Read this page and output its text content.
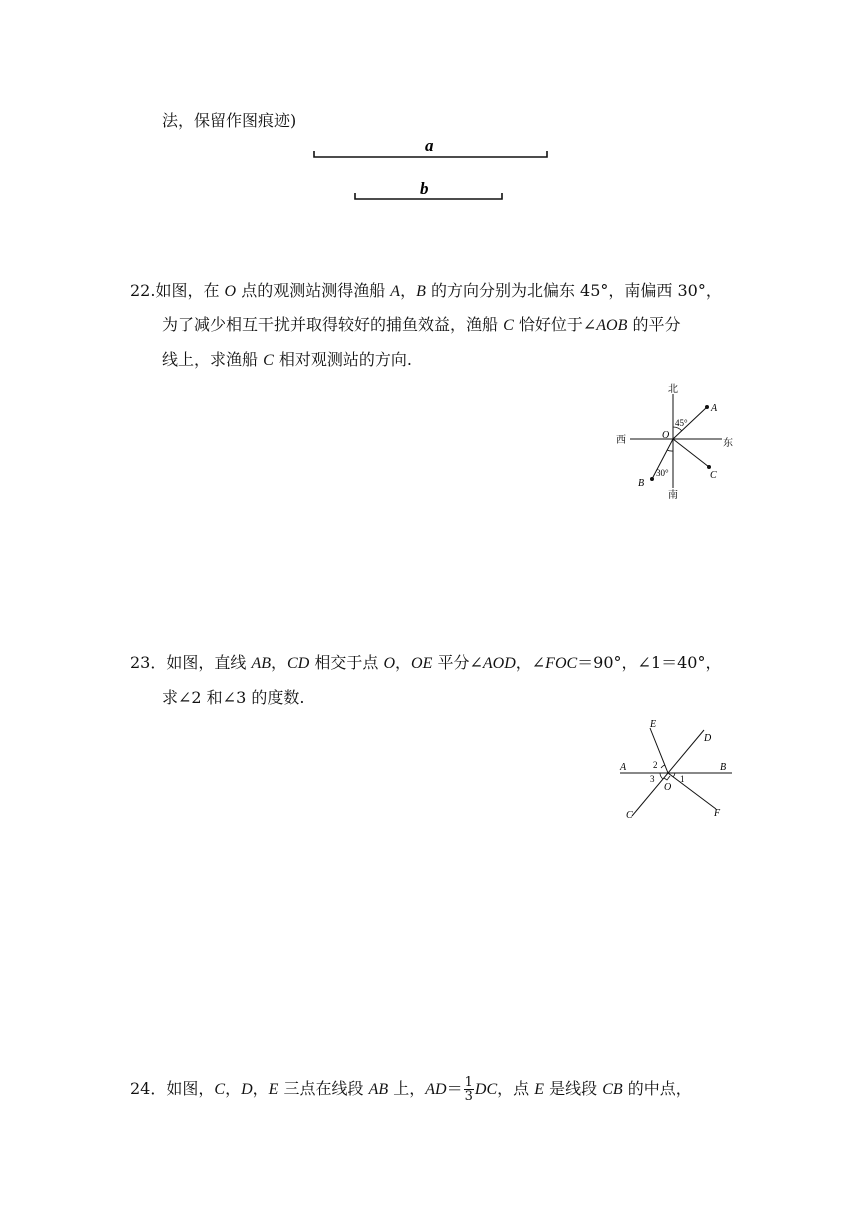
法，保留作图痕迹)
a
b
22.如图，在 O 点的观测站测得渔船 A，B 的方向分别为北偏东 45°，南偏西 30°，
为了减少相互干扰并取得较好的捕鱼效益，渔船 C 恰好位于∠AOB 的平分
线上，求渔船 C 相对观测站的方向.
北
南
西	东
O
A
B
C
45°
30°
23．如图，直线 AB，CD 相交于点 O，OE 平分∠AOD，∠FOC＝90°，∠1＝40°，
求∠2 和∠3 的度数.
A	B
C
D
E
F
O
1
2
3
24．如图，C，D，E 三点在线段 AB 上，$AD= \frac{1}{3}$ DC，点 E 是线段 CB 的中点，
